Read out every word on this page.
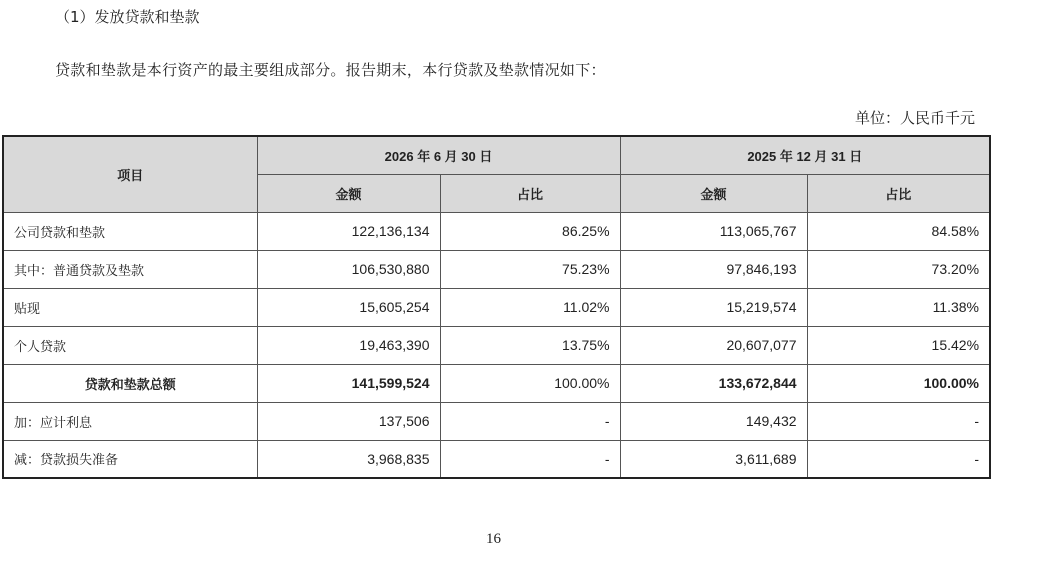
（1）发放贷款和垫款
贷款和垫款是本行资产的最主要组成部分。报告期末，本行贷款及垫款情况如下：
单位：人民币千元
项目	2026 年 6 月 30 日		2025 年 12 月 31 日	
	金额	占比	金额	占比
公司贷款和垫款	122,136,134	86.25%	113,065,767	84.58%
其中：普通贷款及垫款	106,530,880	75.23%	97,846,193	73.20%
贴现	15,605,254	11.02%	15,219,574	11.38%
个人贷款	19,463,390	13.75%	20,607,077	15.42%
贷款和垫款总额	141,599,524	100.00%	133,672,844	100.00%
加：应计利息	137,506	-	149,432	-
减：贷款损失准备	3,968,835	-	3,611,689	-
16
